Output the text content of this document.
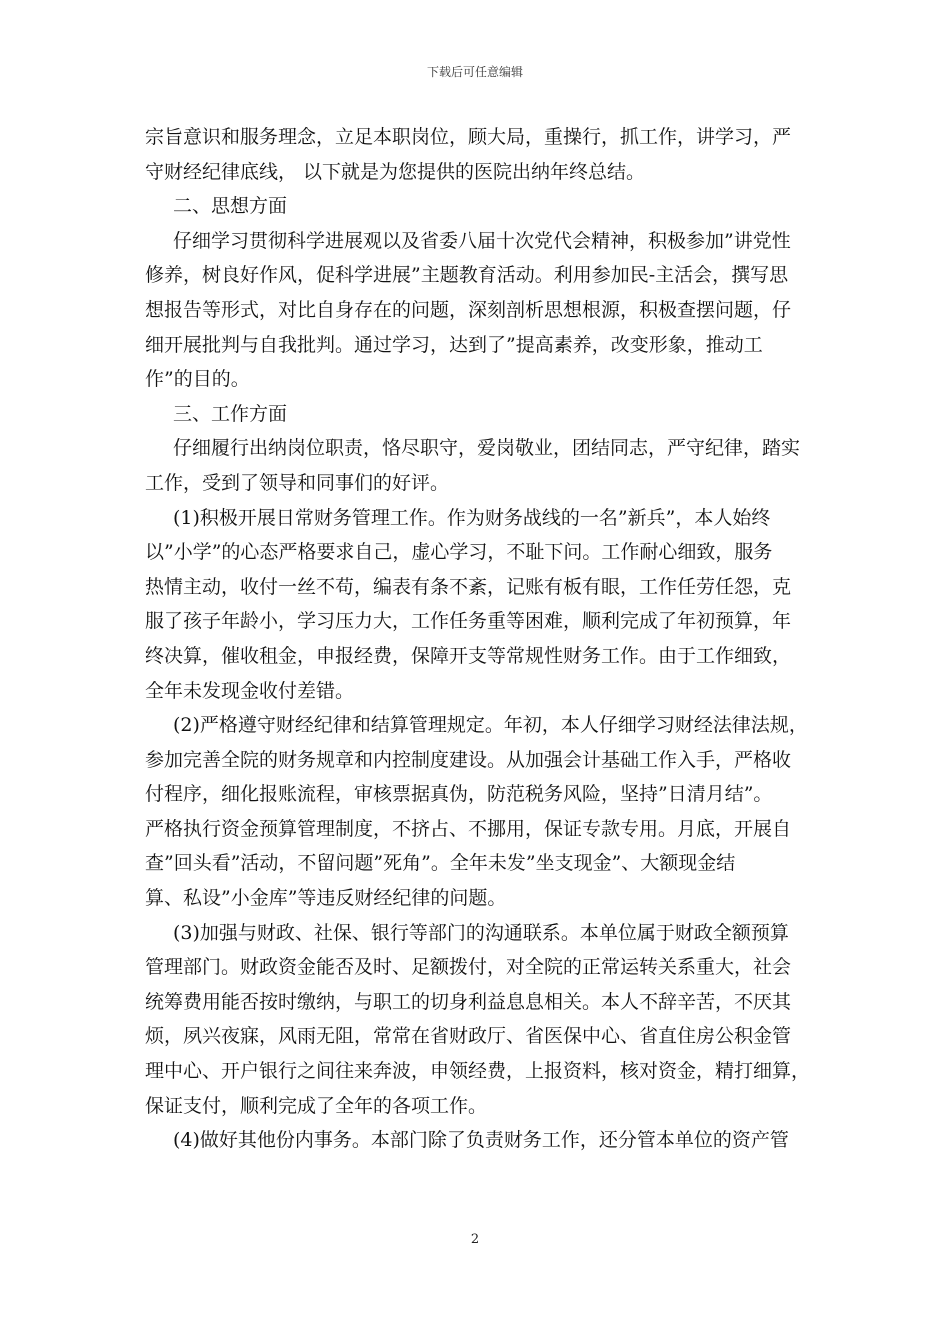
下载后可任意编辑
宗旨意识和服务理念，立足本职岗位，顾大局，重操行，抓工作，讲学习，严
守财经纪律底线， 以下就是为您提供的医院出纳年终总结。
二、思想方面
仔细学习贯彻科学进展观以及省委八届十次党代会精神，积极参加”讲党性
修养，树良好作风，促科学进展”主题教育活动。利用参加民-主活会，撰写思
想报告等形式，对比自身存在的问题，深刻剖析思想根源，积极查摆问题，仔
细开展批判与自我批判。通过学习，达到了”提高素养，改变形象，推动工
作”的目的。
三、工作方面
仔细履行出纳岗位职责，恪尽职守，爱岗敬业，团结同志，严守纪律，踏实
工作，受到了领导和同事们的好评。
(1)积极开展日常财务管理工作。作为财务战线的一名”新兵”，本人始终
以”小学”的心态严格要求自己，虚心学习，不耻下问。工作耐心细致，服务
热情主动，收付一丝不苟，编表有条不紊，记账有板有眼，工作任劳任怨，克
服了孩子年龄小，学习压力大，工作任务重等困难，顺利完成了年初预算，年
终决算，催收租金，申报经费，保障开支等常规性财务工作。由于工作细致，
全年未发现金收付差错。
(2)严格遵守财经纪律和结算管理规定。年初，本人仔细学习财经法律法规，
参加完善全院的财务规章和内控制度建设。从加强会计基础工作入手，严格收
付程序，细化报账流程，审核票据真伪，防范税务风险，坚持”日清月结”。
严格执行资金预算管理制度，不挤占、不挪用，保证专款专用。月底，开展自
查”回头看”活动，不留问题”死角”。全年未发”坐支现金”、大额现金结
算、私设”小金库”等违反财经纪律的问题。
(3)加强与财政、社保、银行等部门的沟通联系。本单位属于财政全额预算
管理部门。财政资金能否及时、足额拨付，对全院的正常运转关系重大，社会
统筹费用能否按时缴纳，与职工的切身利益息息相关。本人不辞辛苦，不厌其
烦，夙兴夜寐，风雨无阻，常常在省财政厅、省医保中心、省直住房公积金管
理中心、开户银行之间往来奔波，申领经费，上报资料，核对资金，精打细算，
保证支付，顺利完成了全年的各项工作。
(4)做好其他份内事务。本部门除了负责财务工作，还分管本单位的资产管
2
